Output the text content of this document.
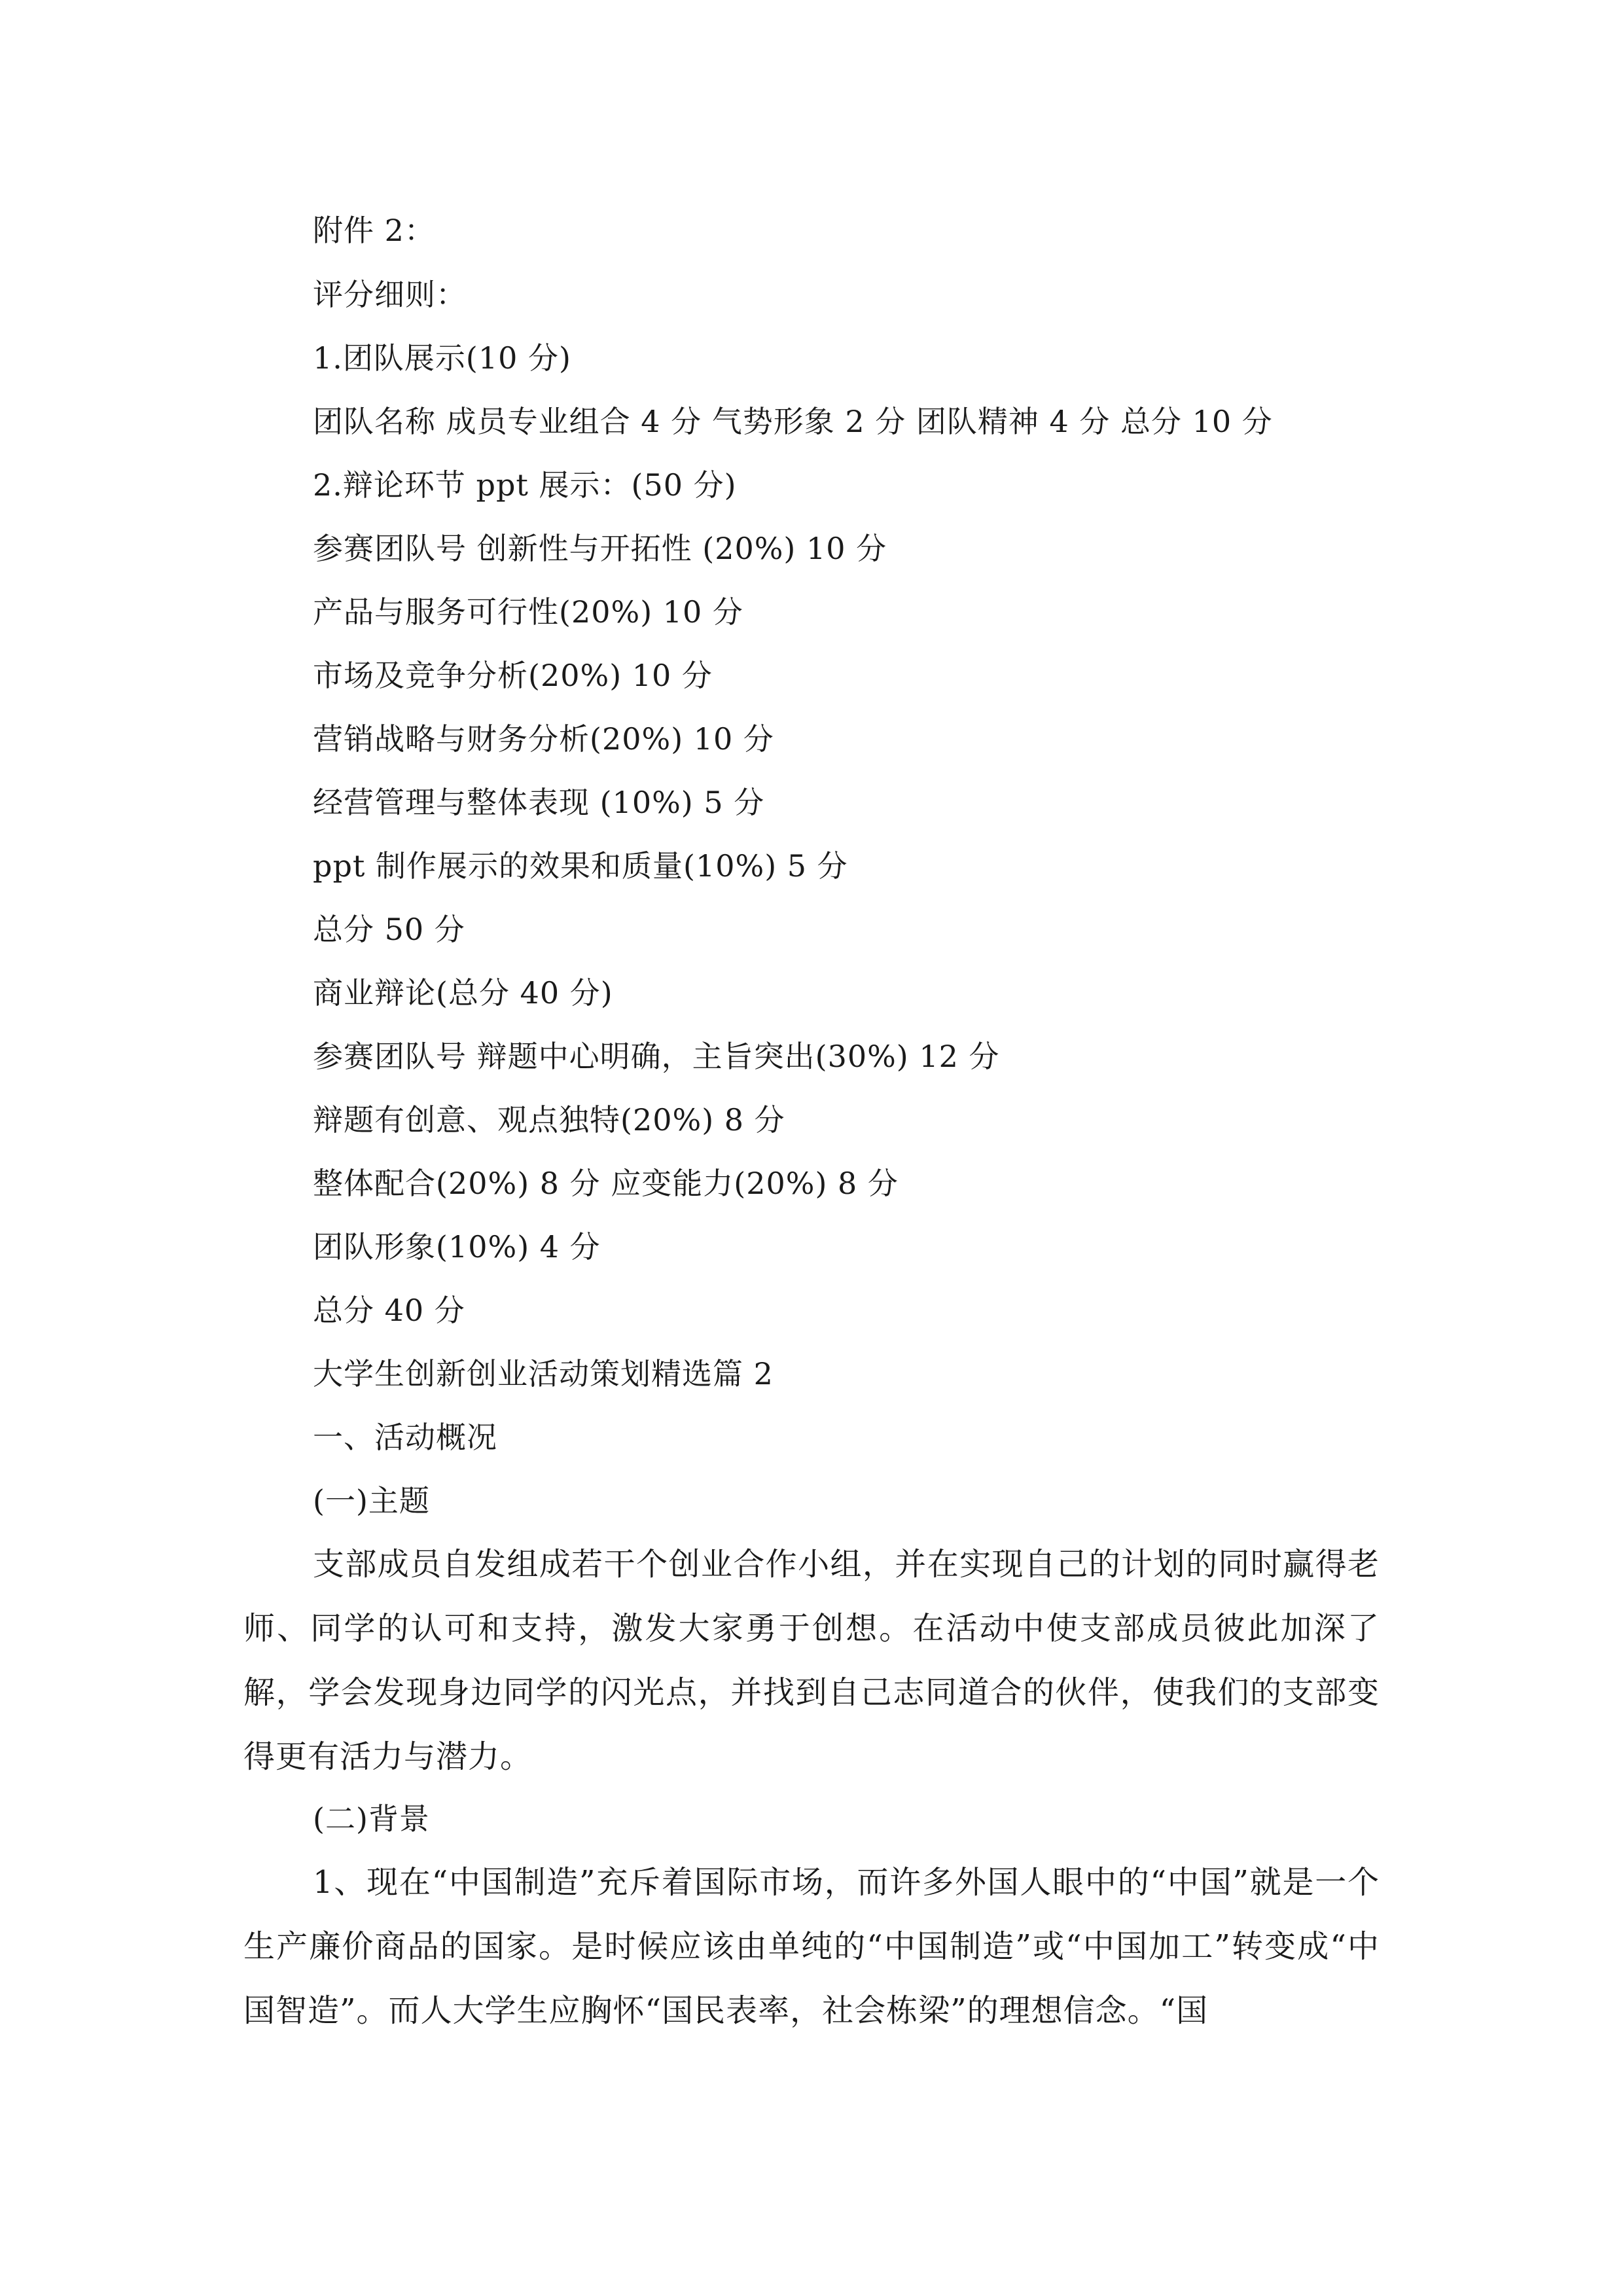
附件 2：
评分细则：
1.团队展示(10 分)
团队名称 成员专业组合 4 分 气势形象 2 分 团队精神 4 分 总分 10 分
2.辩论环节 ppt 展示：(50 分)
参赛团队号 创新性与开拓性 (20%) 10 分
产品与服务可行性(20%) 10 分
市场及竞争分析(20%) 10 分
营销战略与财务分析(20%) 10 分
经营管理与整体表现 (10%) 5 分
ppt 制作展示的效果和质量(10%) 5 分
总分 50 分
商业辩论(总分 40 分)
参赛团队号 辩题中心明确，主旨突出(30%) 12 分
辩题有创意、观点独特(20%) 8 分
整体配合(20%) 8 分 应变能力(20%) 8 分
团队形象(10%) 4 分
总分 40 分
大学生创新创业活动策划精选篇 2
一、活动概况
(一)主题
支部成员自发组成若干个创业合作小组，并在实现自己的计划的同时赢得老师、同学的认可和支持，激发大家勇于创想。在活动中使支部成员彼此加深了解，学会发现身边同学的闪光点，并找到自己志同道合的伙伴，使我们的支部变得更有活力与潜力。
(二)背景
1、现在“中国制造”充斥着国际市场，而许多外国人眼中的“中国”就是一个生产廉价商品的国家。是时候应该由单纯的“中国制造”或“中国加工”转变成“中国智造”。而人大学生应胸怀“国民表率，社会栋梁”的理想信念。“国
